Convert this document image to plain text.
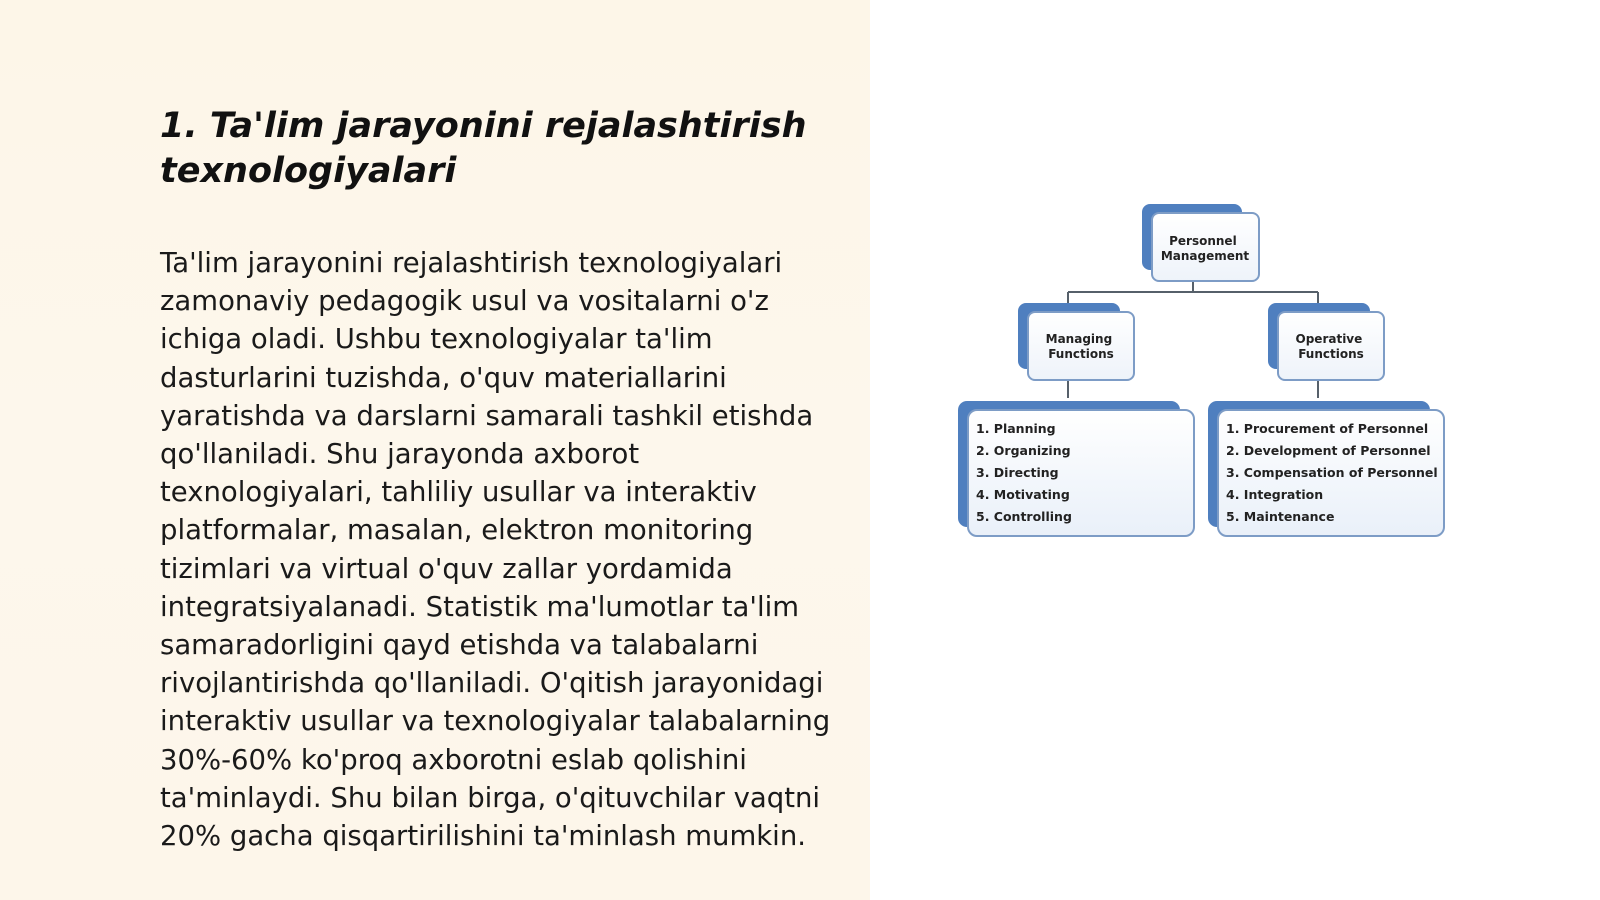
1. Ta'lim jarayonini rejalashtirish texnologiyalari

Ta'lim jarayonini rejalashtirish texnologiyalari zamonaviy pedagogik usul va vositalarni o'z ichiga oladi. Ushbu texnologiyalar ta'lim dasturlarini tuzishda, o'quv materiallarini yaratishda va darslarni samarali tashkil etishda qo'llaniladi. Shu jarayonda axborot texnologiyalari, tahliliy usullar va interaktiv platformalar, masalan, elektron monitoring tizimlari va virtual o'quv zallar yordamida integratsiyalanadi. Statistik ma'lumotlar ta'lim samaradorligini qayd etishda va talabalarni rivojlantirishda qo'llaniladi. O'qitish jarayonidagi interaktiv usullar va texnologiyalar talabalarning 30%-60% ko'proq axborotni eslab qolishini ta'minlaydi. Shu bilan birga, o'qituvchilar vaqtni 20% gacha qisqartirilishini ta'minlash mumkin.

Personnel Management
Managing Functions
Operative Functions
1. Planning 2. Organizing 3. Directing 4. Motivating 5. Controlling
1. Procurement of Personnel 2. Development of Personnel 3. Compensation of Personnel 4. Integration 5. Maintenance
